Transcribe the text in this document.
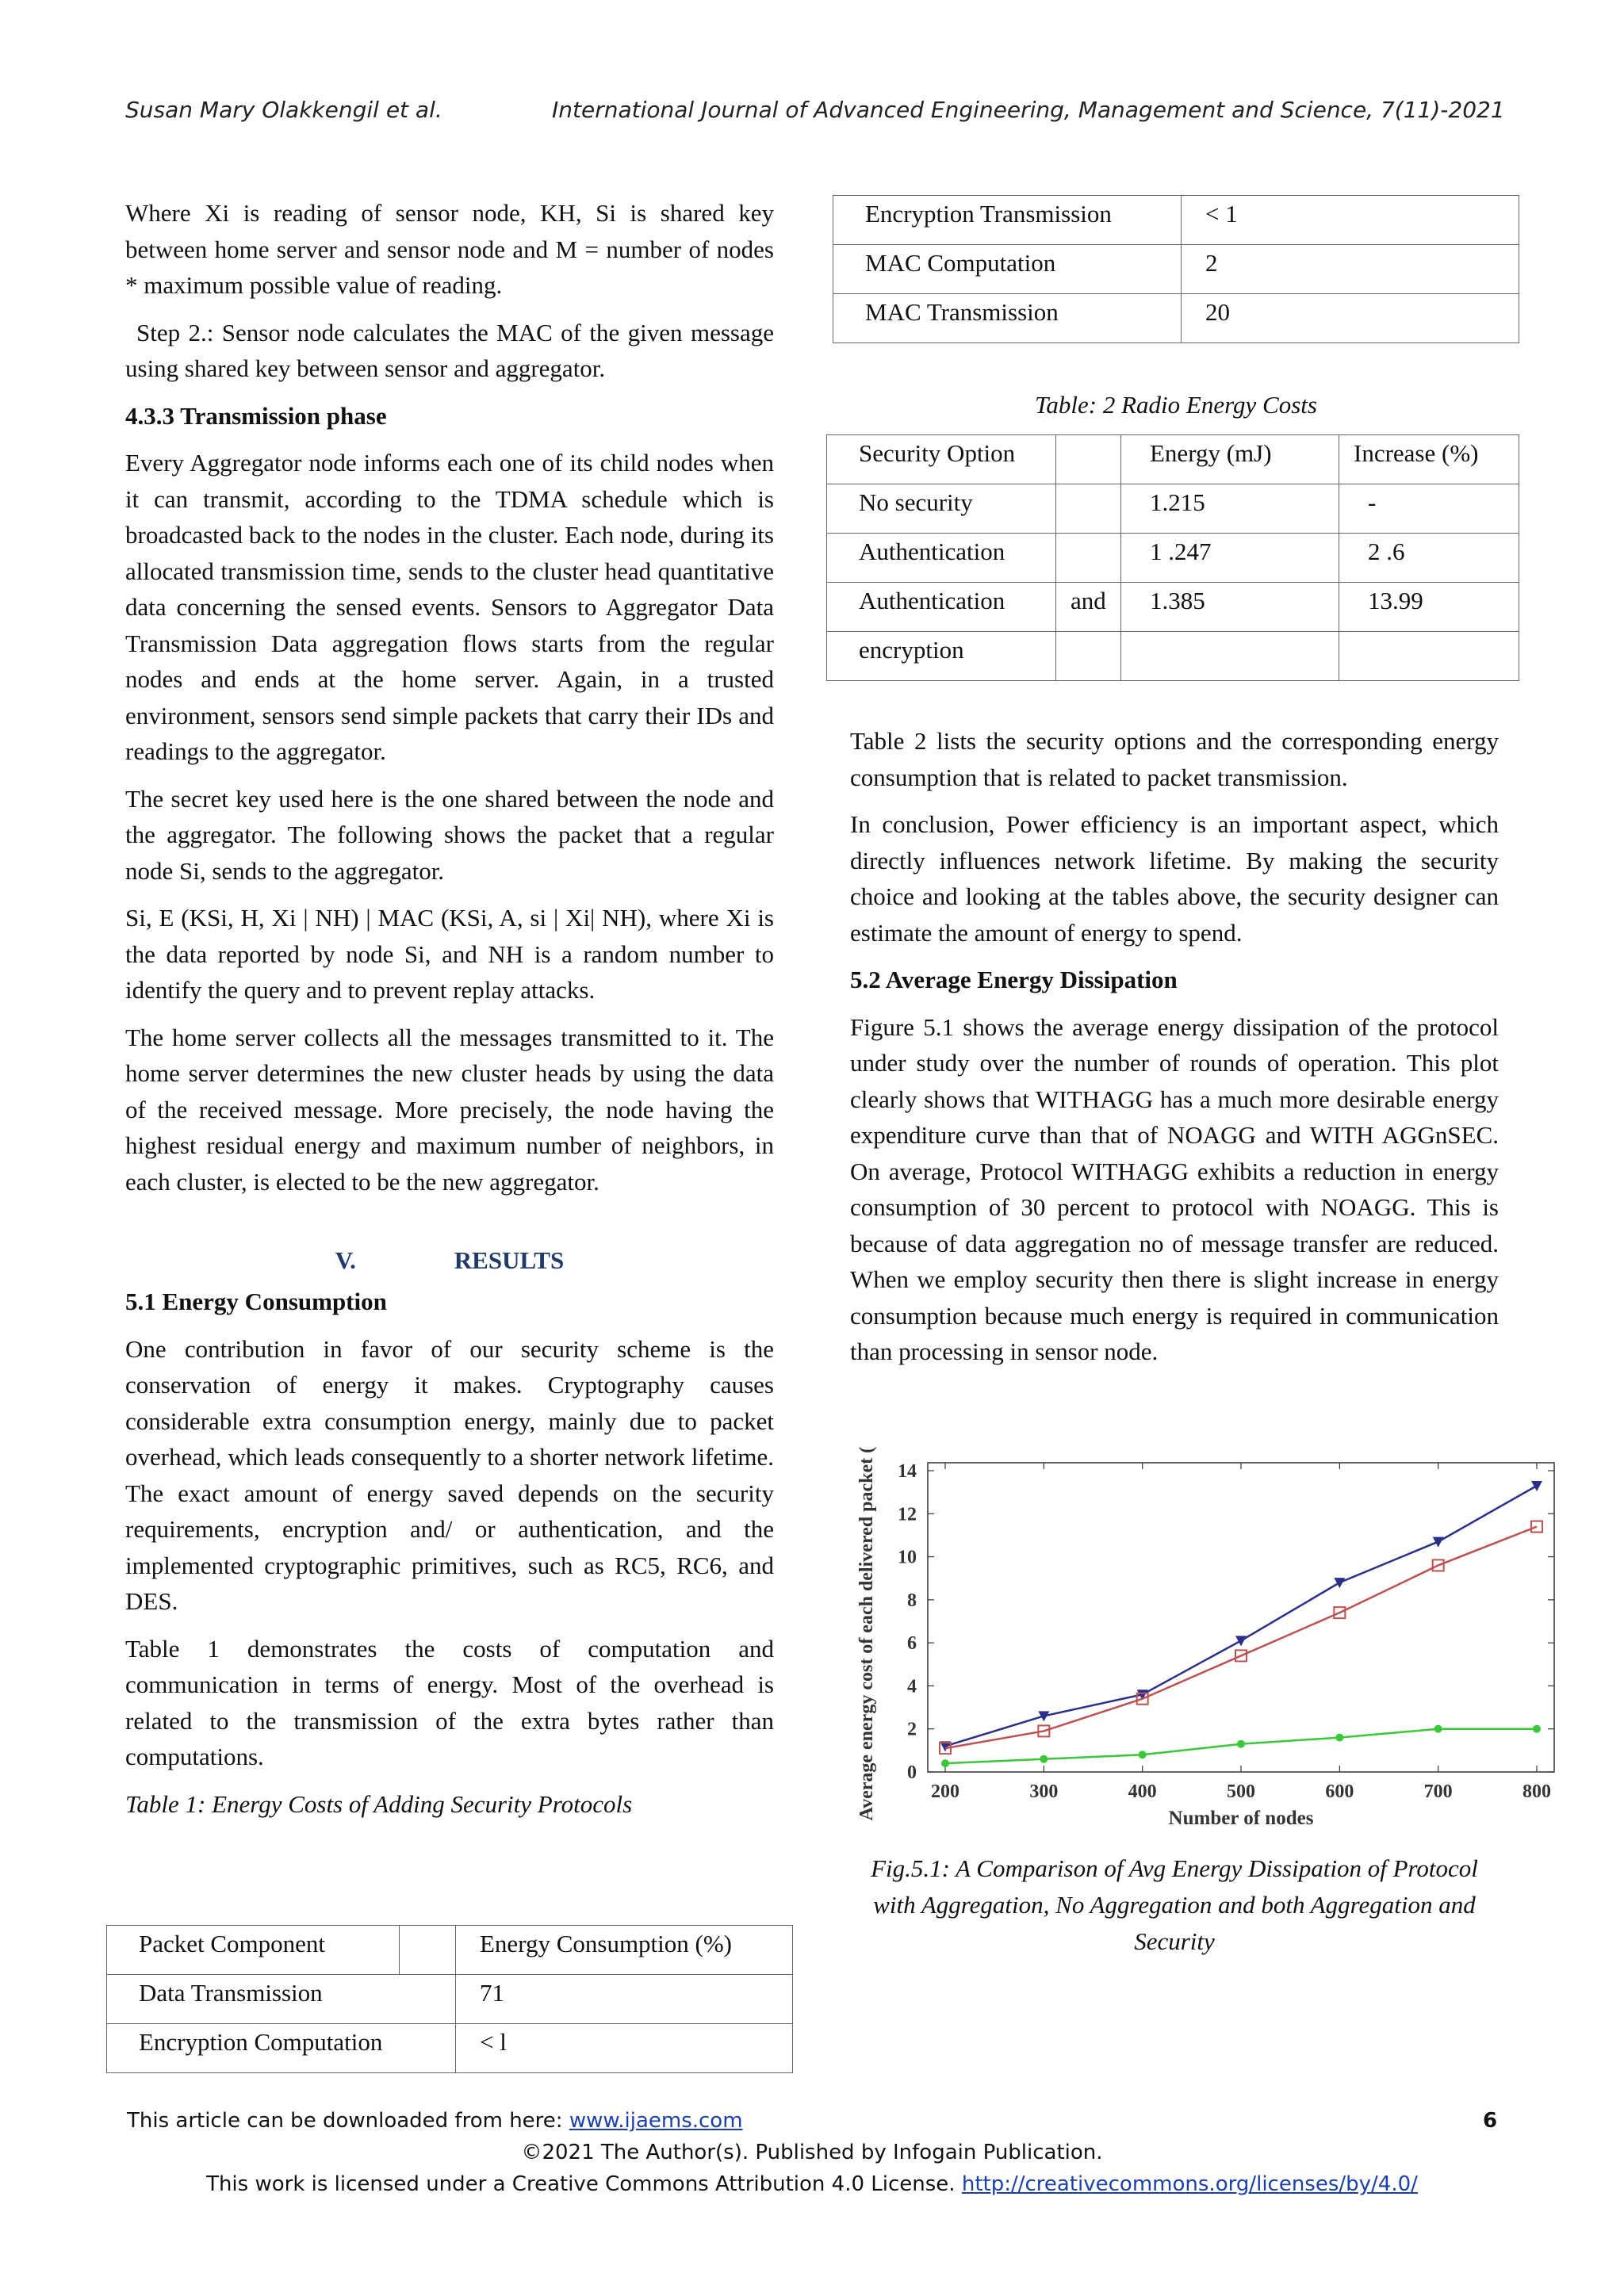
Susan Mary Olakkengil et al.	International Journal of Advanced Engineering, Management and Science, 7(11)-2021

Where Xi is reading of sensor node, KH, Si is shared key between home server and sensor node and M = number of nodes * maximum possible value of reading.

Step 2.: Sensor node calculates the MAC of the given message using shared key between sensor and aggregator.

4.3.3 Transmission phase

Every Aggregator node informs each one of its child nodes when it can transmit, according to the TDMA schedule which is broadcasted back to the nodes in the cluster. Each node, during its allocated transmission time, sends to the cluster head quantitative data concerning the sensed events. Sensors to Aggregator Data Transmission Data aggregation flows starts from the regular nodes and ends at the home server. Again, in a trusted environment, sensors send simple packets that carry their IDs and readings to the aggregator.

The secret key used here is the one shared between the node and the aggregator. The following shows the packet that a regular node Si, sends to the aggregator.

Si, E (KSi, H, Xi | NH) | MAC (KSi, A, si | Xi| NH), where Xi is the data reported by node Si, and NH is a random number to identify the query and to prevent replay attacks.

The home server collects all the messages transmitted to it. The home server determines the new cluster heads by using the data of the received message. More precisely, the node having the highest residual energy and maximum number of neighbors, in each cluster, is elected to be the new aggregator.

V.	RESULTS
5.1 Energy Consumption

One contribution in favor of our security scheme is the conservation of energy it makes. Cryptography causes considerable extra consumption energy, mainly due to packet overhead, which leads consequently to a shorter network lifetime. The exact amount of energy saved depends on the security requirements, encryption and/ or authentication, and the implemented cryptographic primitives, such as RC5, RC6, and DES.

Table 1 demonstrates the costs of computation and communication in terms of energy. Most of the overhead is related to the transmission of the extra bytes rather than computations.

Table 1: Energy Costs of Adding Security Protocols

Packet Component		Energy Consumption (%)
Data Transmission		71
Encryption Computation		< l
Encryption Transmission	< 1
MAC Computation	2
MAC Transmission	20

Table: 2 Radio Energy Costs

Security Option		Energy (mJ)	Increase (%)
No security		1.215	-
Authentication		1 .247	2 .6
Authentication	and	1.385	13.99
encryption			

Table 2 lists the security options and the corresponding energy consumption that is related to packet transmission.

In conclusion, Power efficiency is an important aspect, which directly influences network lifetime. By making the security choice and looking at the tables above, the security designer can estimate the amount of energy to spend.

5.2 Average Energy Dissipation

Figure 5.1 shows the average energy dissipation of the protocol under study over the number of rounds of operation. This plot clearly shows that WITHAGG has a much more desirable energy expenditure curve than that of NOAGG and WITH AGGnSEC. On average, Protocol WITHAGG exhibits a reduction in energy consumption of 30 percent to protocol with NOAGG. This is because of data aggregation no of message transfer are reduced. When we employ security then there is slight increase in energy consumption because much energy is required in communication than processing in sensor node.

200	300	400	500	600	700	800
0
2
4
6
8
10
12
14
Number of nodes
Average energy cost of each delivered packet (Ws)

Fig.5.1: A Comparison of Avg Energy Dissipation of Protocol with Aggregation, No Aggregation and both Aggregation and Security

This article can be downloaded from here: www.ijaems.com	6
©2021 The Author(s). Published by Infogain Publication.
This work is licensed under a Creative Commons Attribution 4.0 License. http://creativecommons.org/licenses/by/4.0/
